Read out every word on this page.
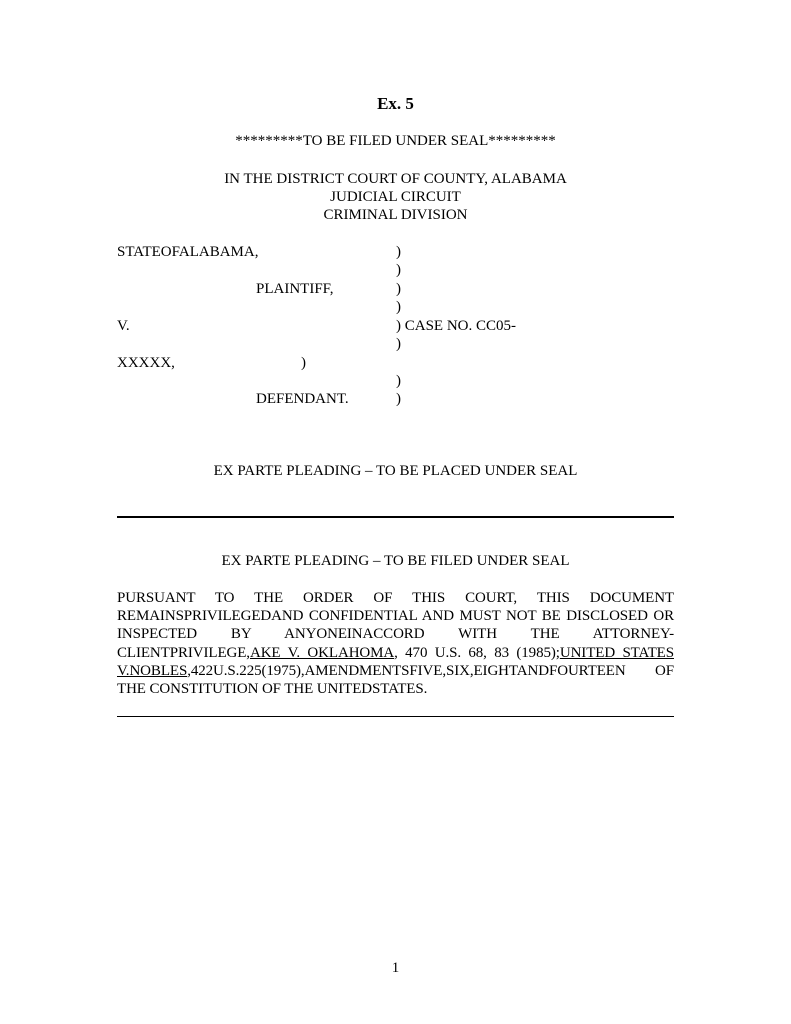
Ex. 5
*********TO BE FILED UNDER SEAL*********
IN THE DISTRICT COURT OF COUNTY, ALABAMA
JUDICIAL CIRCUIT
CRIMINAL DIVISION
STATEOFALABAMA,
PLAINTIFF,
V.
XXXXX,	)
DEFENDANT.
)
)
)
)
) CASE NO. CC05-
)
)
)
EX PARTE PLEADING – TO BE PLACED UNDER SEAL
EX PARTE PLEADING – TO BE FILED UNDER SEAL
PURSUANT TO THE ORDER OF THIS COURT, THIS DOCUMENT REMAINSPRIVILEGEDAND CONFIDENTIAL AND MUST NOT BE DISCLOSED OR INSPECTED BY ANYONEINACCORD WITH THE ATTORNEY-CLIENTPRIVILEGE,AKE V. OKLAHOMA, 470 U.S. 68, 83 (1985);UNITED STATES V.NOBLES,422U.S.225(1975),AMENDMENTSFIVE,SIX,EIGHTANDFOURTEEN OF THE CONSTITUTION OF THE UNITEDSTATES.
1
